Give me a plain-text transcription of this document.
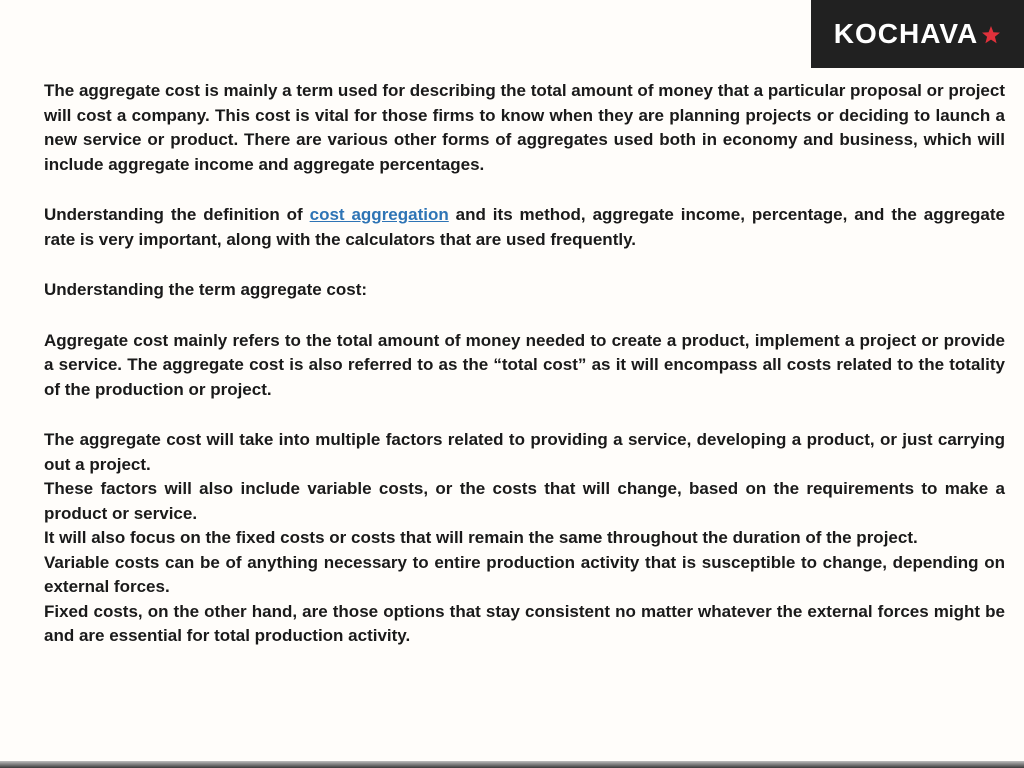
KOCHAVA

The aggregate cost is mainly a term used for describing the total amount of money that a particular proposal or project will cost a company. This cost is vital for those firms to know when they are planning projects or deciding to launch a new service or product. There are various other forms of aggregates used both in economy and business, which will include aggregate income and aggregate percentages.

Understanding the definition of cost aggregation and its method, aggregate income, percentage, and the aggregate rate is very important, along with the calculators that are used frequently.

Understanding the term aggregate cost:

Aggregate cost mainly refers to the total amount of money needed to create a product, implement a project or provide a service. The aggregate cost is also referred to as the “total cost” as it will encompass all costs related to the totality of the production or project.

The aggregate cost will take into multiple factors related to providing a service, developing a product, or just carrying out a project.

These factors will also include variable costs, or the costs that will change, based on the requirements to make a product or service.

It will also focus on the fixed costs or costs that will remain the same throughout the duration of the project.

Variable costs can be of anything necessary to entire production activity that is susceptible to change, depending on external forces.

Fixed costs, on the other hand, are those options that stay consistent no matter whatever the external forces might be and are essential for total production activity.
